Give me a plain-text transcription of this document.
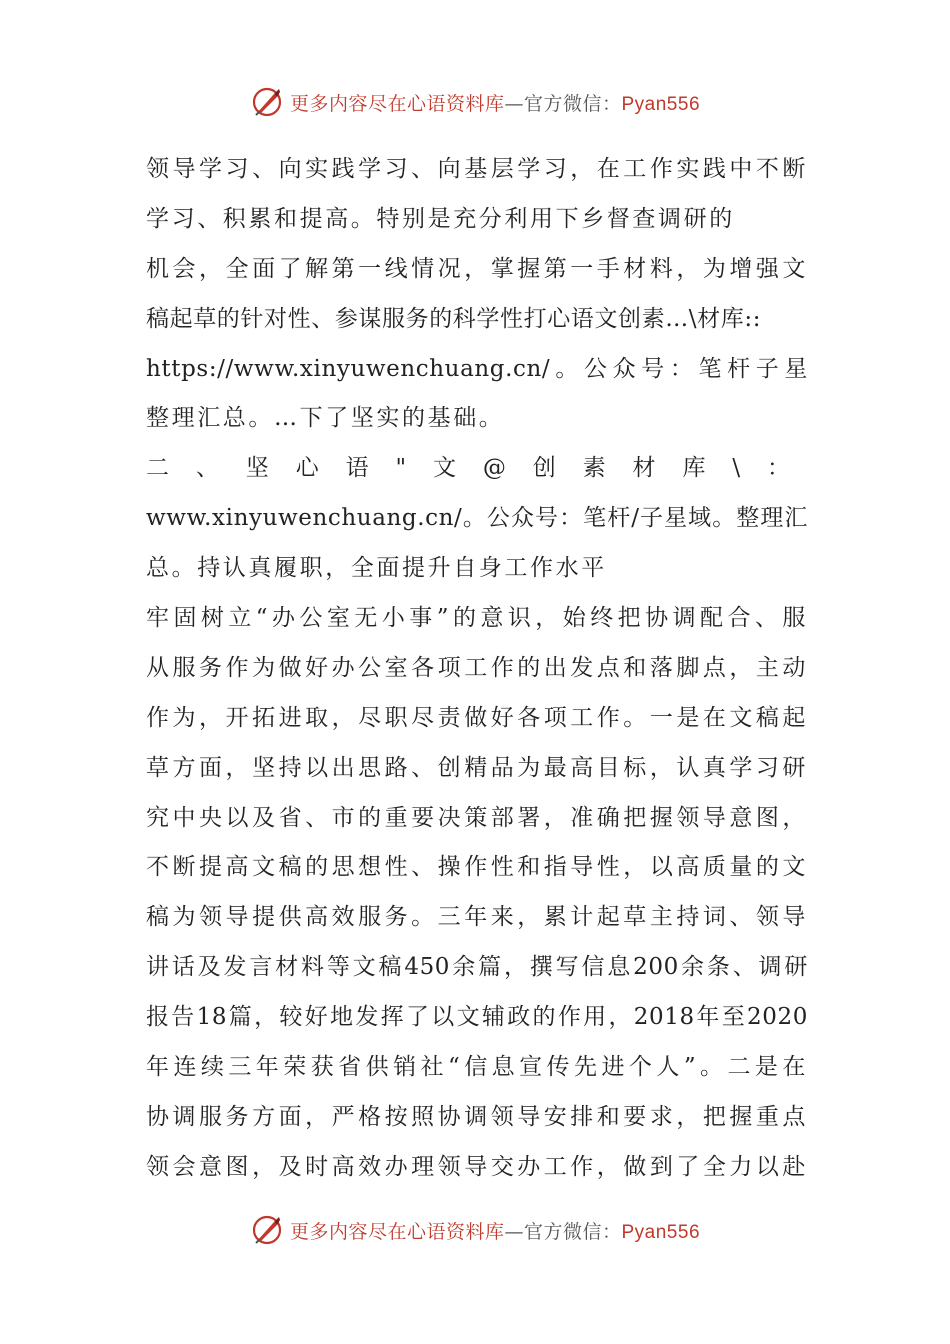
更多内容尽在心语资料库—官方微信：Pyan556
领导学习、向实践学习、向基层学习，在工作实践中不断
学习、积累和提高。特别是充分利用下乡督查调研的
机会，全面了解第一线情况，掌握第一手材料，为增强文
稿起草的针对性、参谋服务的科学性打心语文创素…\材库::
https://www.xinyuwenchuang.cn/。公众号：笔杆子星
整理汇总。…下了坚实的基础。
二、坚心语"文@创素材库\：
www.xinyuwenchuang.cn/。公众号：笔杆/子星域。整理汇
总。持认真履职，全面提升自身工作水平
牢固树立“办公室无小事”的意识，始终把协调配合、服
从服务作为做好办公室各项工作的出发点和落脚点，主动
作为，开拓进取，尽职尽责做好各项工作。一是在文稿起
草方面，坚持以出思路、创精品为最高目标，认真学习研
究中央以及省、市的重要决策部署，准确把握领导意图，
不断提高文稿的思想性、操作性和指导性，以高质量的文
稿为领导提供高效服务。三年来，累计起草主持词、领导
讲话及发言材料等文稿450余篇，撰写信息200余条、调研
报告18篇，较好地发挥了以文辅政的作用，2018年至2020
年连续三年荣获省供销社“信息宣传先进个人”。二是在
协调服务方面，严格按照协调领导安排和要求，把握重点
领会意图，及时高效办理领导交办工作，做到了全力以赴
更多内容尽在心语资料库—官方微信：Pyan556
